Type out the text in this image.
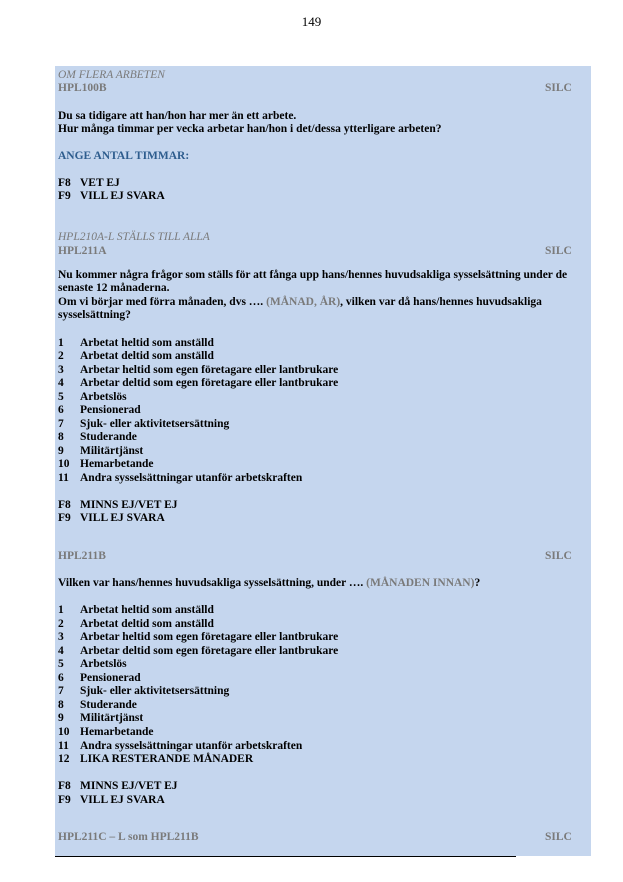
149
OM FLERA ARBETEN
HPL100B	SILC
Du sa tidigare att han/hon har mer än ett arbete.
Hur många timmar per vecka arbetar han/hon i det/dessa ytterligare arbeten?
ANGE ANTAL TIMMAR:
F8 VET EJ
F9 VILL EJ SVARA
HPL210A-L STÄLLS TILL ALLA
HPL211A	SILC
Nu kommer några frågor som ställs för att fånga upp hans/hennes huvudsakliga sysselsättning under de
senaste 12 månaderna.
Om vi börjar med förra månaden, dvs …. (MÅNAD, ÅR), vilken var då hans/hennes huvudsakliga
sysselsättning?
1 Arbetat heltid som anställd
2 Arbetat deltid som anställd
3 Arbetar heltid som egen företagare eller lantbrukare
4 Arbetar deltid som egen företagare eller lantbrukare
5 Arbetslös
6 Pensionerad
7 Sjuk- eller aktivitetsersättning
8 Studerande
9 Militärtjänst
10 Hemarbetande
11 Andra sysselsättningar utanför arbetskraften
F8 MINNS EJ/VET EJ
F9 VILL EJ SVARA
HPL211B	SILC
Vilken var hans/hennes huvudsakliga sysselsättning, under …. (MÅNADEN INNAN)?
1 Arbetat heltid som anställd
2 Arbetat deltid som anställd
3 Arbetar heltid som egen företagare eller lantbrukare
4 Arbetar deltid som egen företagare eller lantbrukare
5 Arbetslös
6 Pensionerad
7 Sjuk- eller aktivitetsersättning
8 Studerande
9 Militärtjänst
10 Hemarbetande
11 Andra sysselsättningar utanför arbetskraften
12 LIKA RESTERANDE MÅNADER
F8 MINNS EJ/VET EJ
F9 VILL EJ SVARA
HPL211C – L som HPL211B	SILC
